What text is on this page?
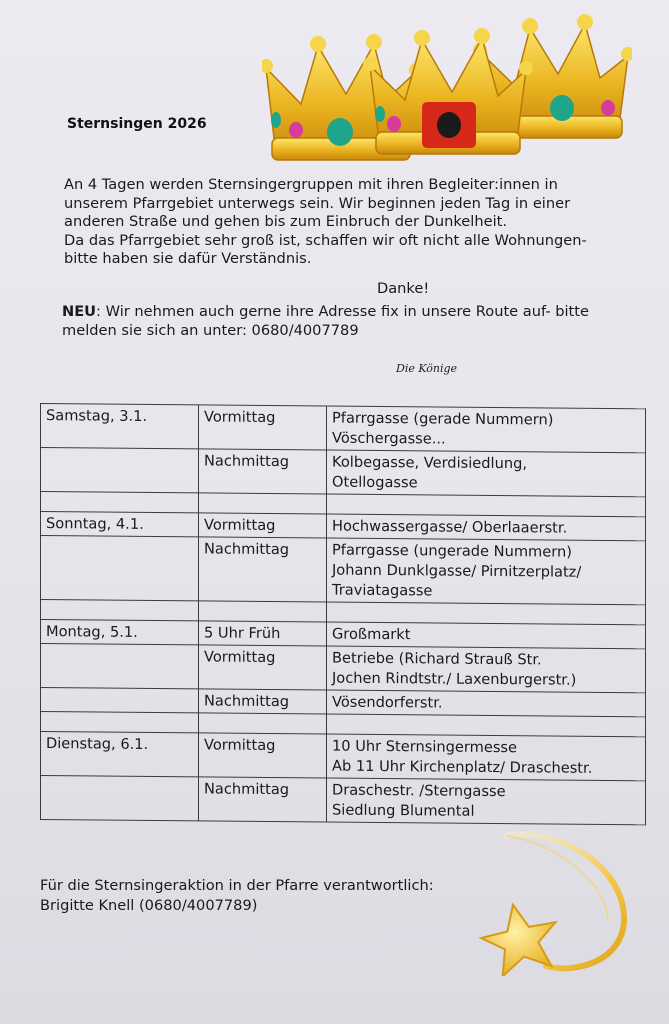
Sternsingen 2026

An 4 Tagen werden Sternsingergruppen mit ihren Begleiter:innen in

unserem Pfarrgebiet unterwegs sein. Wir beginnen jeden Tag in einer

anderen Straße und gehen bis zum Einbruch der Dunkelheit.

Da das Pfarrgebiet sehr groß ist, schaffen wir oft nicht alle Wohnungen-

bitte haben sie dafür Verständnis.

Danke!
NEU: Wir nehmen auch gerne ihre Adresse fix in unsere Route auf- bitte
melden sie sich an unter: 0680/4007789
Die Könige
Samstag, 3.1.	Vormittag	Pfarrgasse (gerade Nummern)
Vöschergasse...

	Nachmittag	Kolbegasse, Verdisiedlung,
Otellogasse

Sonntag, 4.1.	Vormittag	Hochwassergasse/ Oberlaaerstr.

	Nachmittag	Pfarrgasse (ungerade Nummern)
Johann Dunklgasse/ Pirnitzerplatz/
Traviatagasse

Montag, 5.1.	5 Uhr Früh	Großmarkt

	Vormittag	Betriebe (Richard Strauß Str.
Jochen Rindtstr./ Laxenburgerstr.)

	Nachmittag	Vösendorferstr.

Dienstag, 6.1.	Vormittag	10 Uhr Sternsingermesse
Ab 11 Uhr Kirchenplatz/ Draschestr.

	Nachmittag	Draschestr. /Sterngasse
Siedlung Blumental
Für die Sternsingeraktion in der Pfarre verantwortlich:
Brigitte Knell (0680/4007789)
